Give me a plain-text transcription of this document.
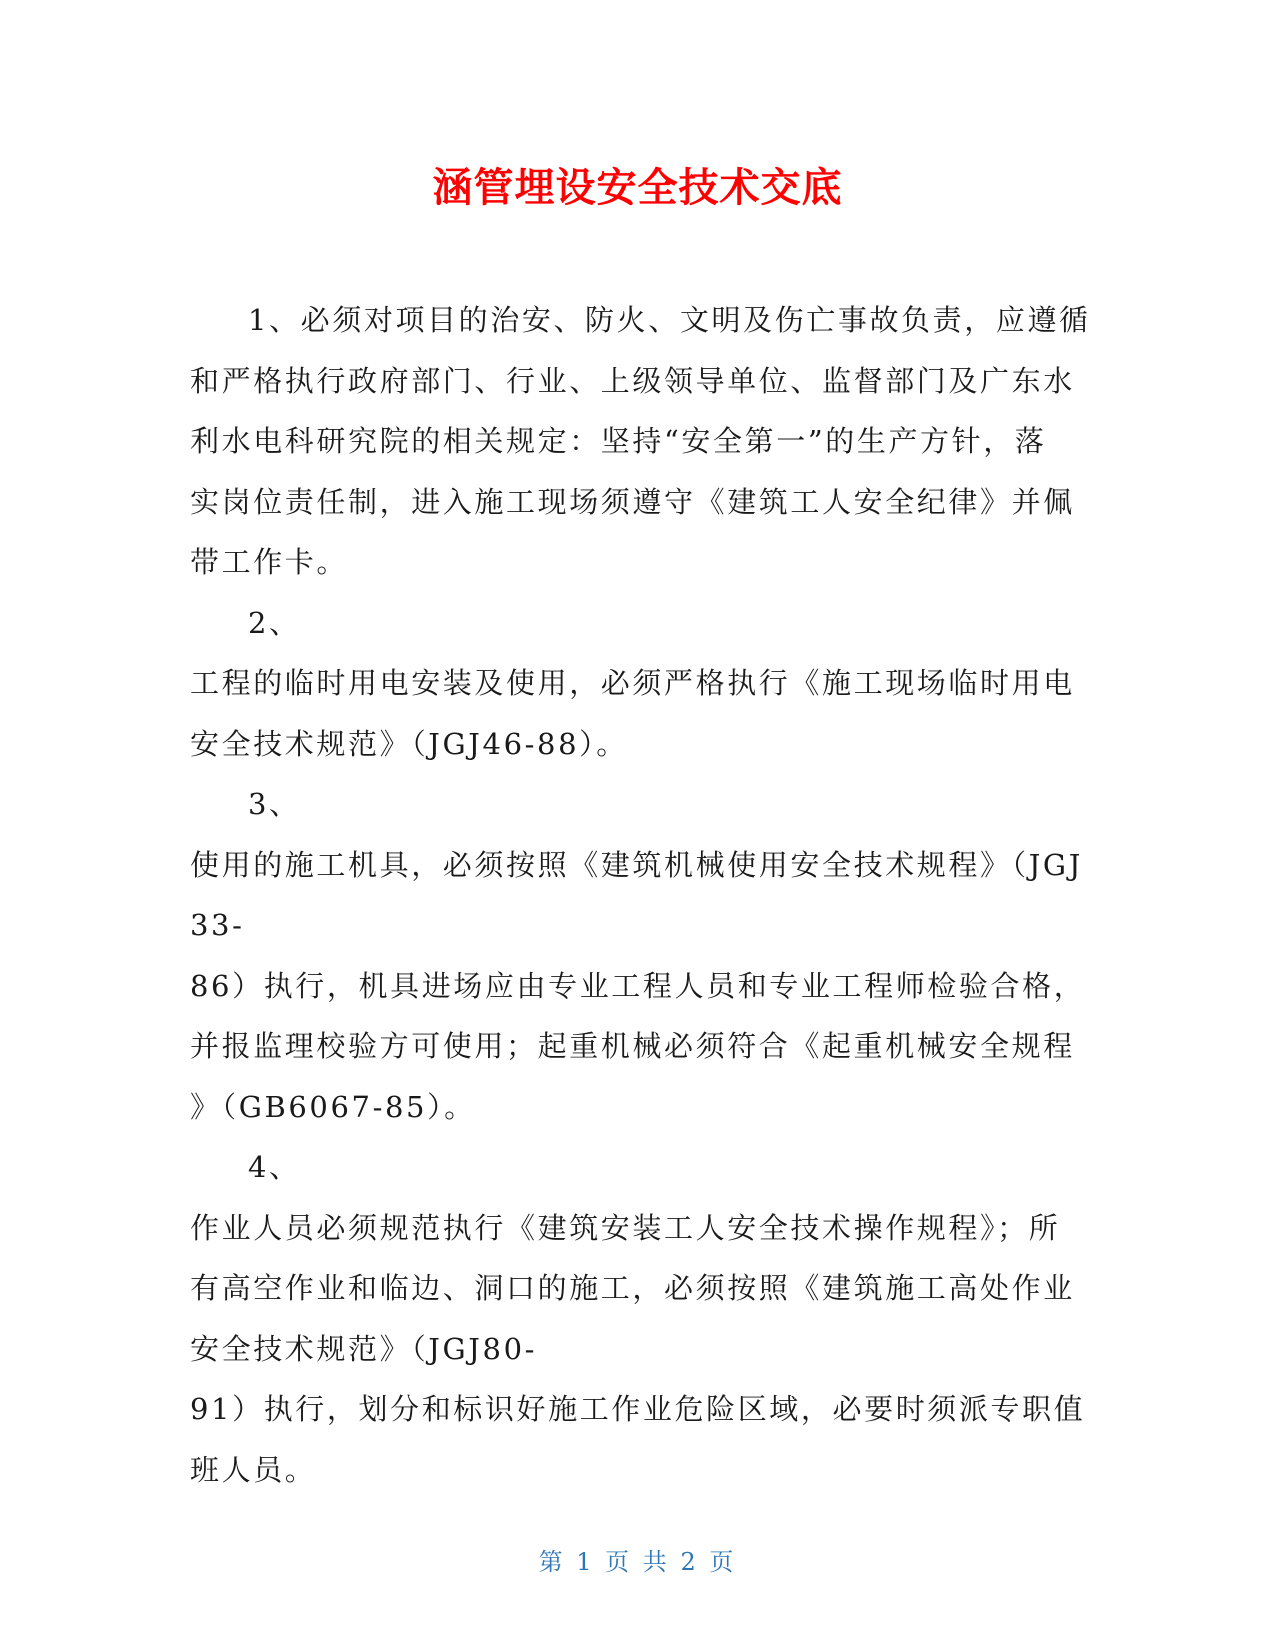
涵管埋设安全技术交底
1、必须对项目的治安、防火、文明及伤亡事故负责，应遵循
和严格执行政府部门、行业、上级领导单位、监督部门及广东水
利水电科研究院的相关规定：坚持“安全第一”的生产方针，落
实岗位责任制，进入施工现场须遵守《建筑工人安全纪律》并佩
带工作卡。
2、
工程的临时用电安装及使用，必须严格执行《施工现场临时用电
安全技术规范》（JGJ46-88）。
3、
使用的施工机具，必须按照《建筑机械使用安全技术规程》（JGJ
33-
86）执行，机具进场应由专业工程人员和专业工程师检验合格，
并报监理校验方可使用；起重机械必须符合《起重机械安全规程
》（GB6067-85）。
4、
作业人员必须规范执行《建筑安装工人安全技术操作规程》；所
有高空作业和临边、洞口的施工，必须按照《建筑施工高处作业
安全技术规范》（JGJ80-
91）执行，划分和标识好施工作业危险区域，必要时须派专职值
班人员。
第 1 页 共 2 页
